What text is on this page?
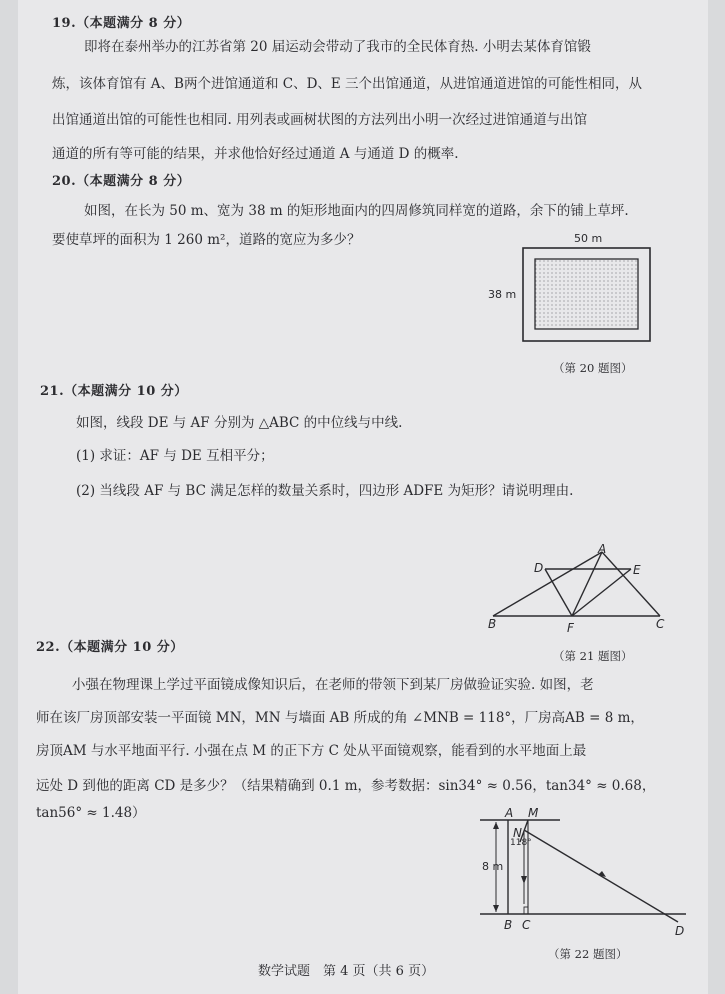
19.（本题满分 8 分）

即将在泰州举办的江苏省第 20 届运动会带动了我市的全民体育热. 小明去某体育馆锻

炼，该体育馆有 A、B两个进馆通道和 C、D、E 三个出馆通道，从进馆通道进馆的可能性相同，从

出馆通道出馆的可能性也相同. 用列表或画树状图的方法列出小明一次经过进馆通道与出馆

通道的所有等可能的结果，并求他恰好经过通道 A 与通道 D 的概率.

20.（本题满分 8 分）

如图，在长为 50 m、宽为 38 m 的矩形地面内的四周修筑同样宽的道路，余下的铺上草坪.

要使草坪的面积为 1 260 m²，道路的宽应为多少？	50 m
38 m
（第 20 题图）

21.（本题满分 10 分）

如图，线段 DE 与 AF 分别为 △ABC 的中位线与中线.

(1) 求证：AF 与 DE 互相平分；

(2) 当线段 AF 与 BC 满足怎样的数量关系时，四边形 ADFE 为矩形？请说明理由.

A
D	E
B	F	C
（第 21 题图）

22.（本题满分 10 分）

小强在物理课上学过平面镜成像知识后，在老师的带领下到某厂房做验证实验. 如图，老

师在该厂房顶部安装一平面镜 MN，MN 与墙面 AB 所成的角 ∠MNB = 118°，厂房高AB = 8 m，

房顶AM 与水平地面平行. 小强在点 M 的正下方 C 处从平面镜观察，能看到的水平地面上最

远处 D 到他的距离 CD 是多少？（结果精确到 0.1 m，参考数据：sin34° ≈ 0.56，tan34° ≈ 0.68，

tan56° ≈ 1.48）	A M
N
118°
8 m
B C	D
（第 22 题图）

数学试题　第 4 页（共 6 页）
